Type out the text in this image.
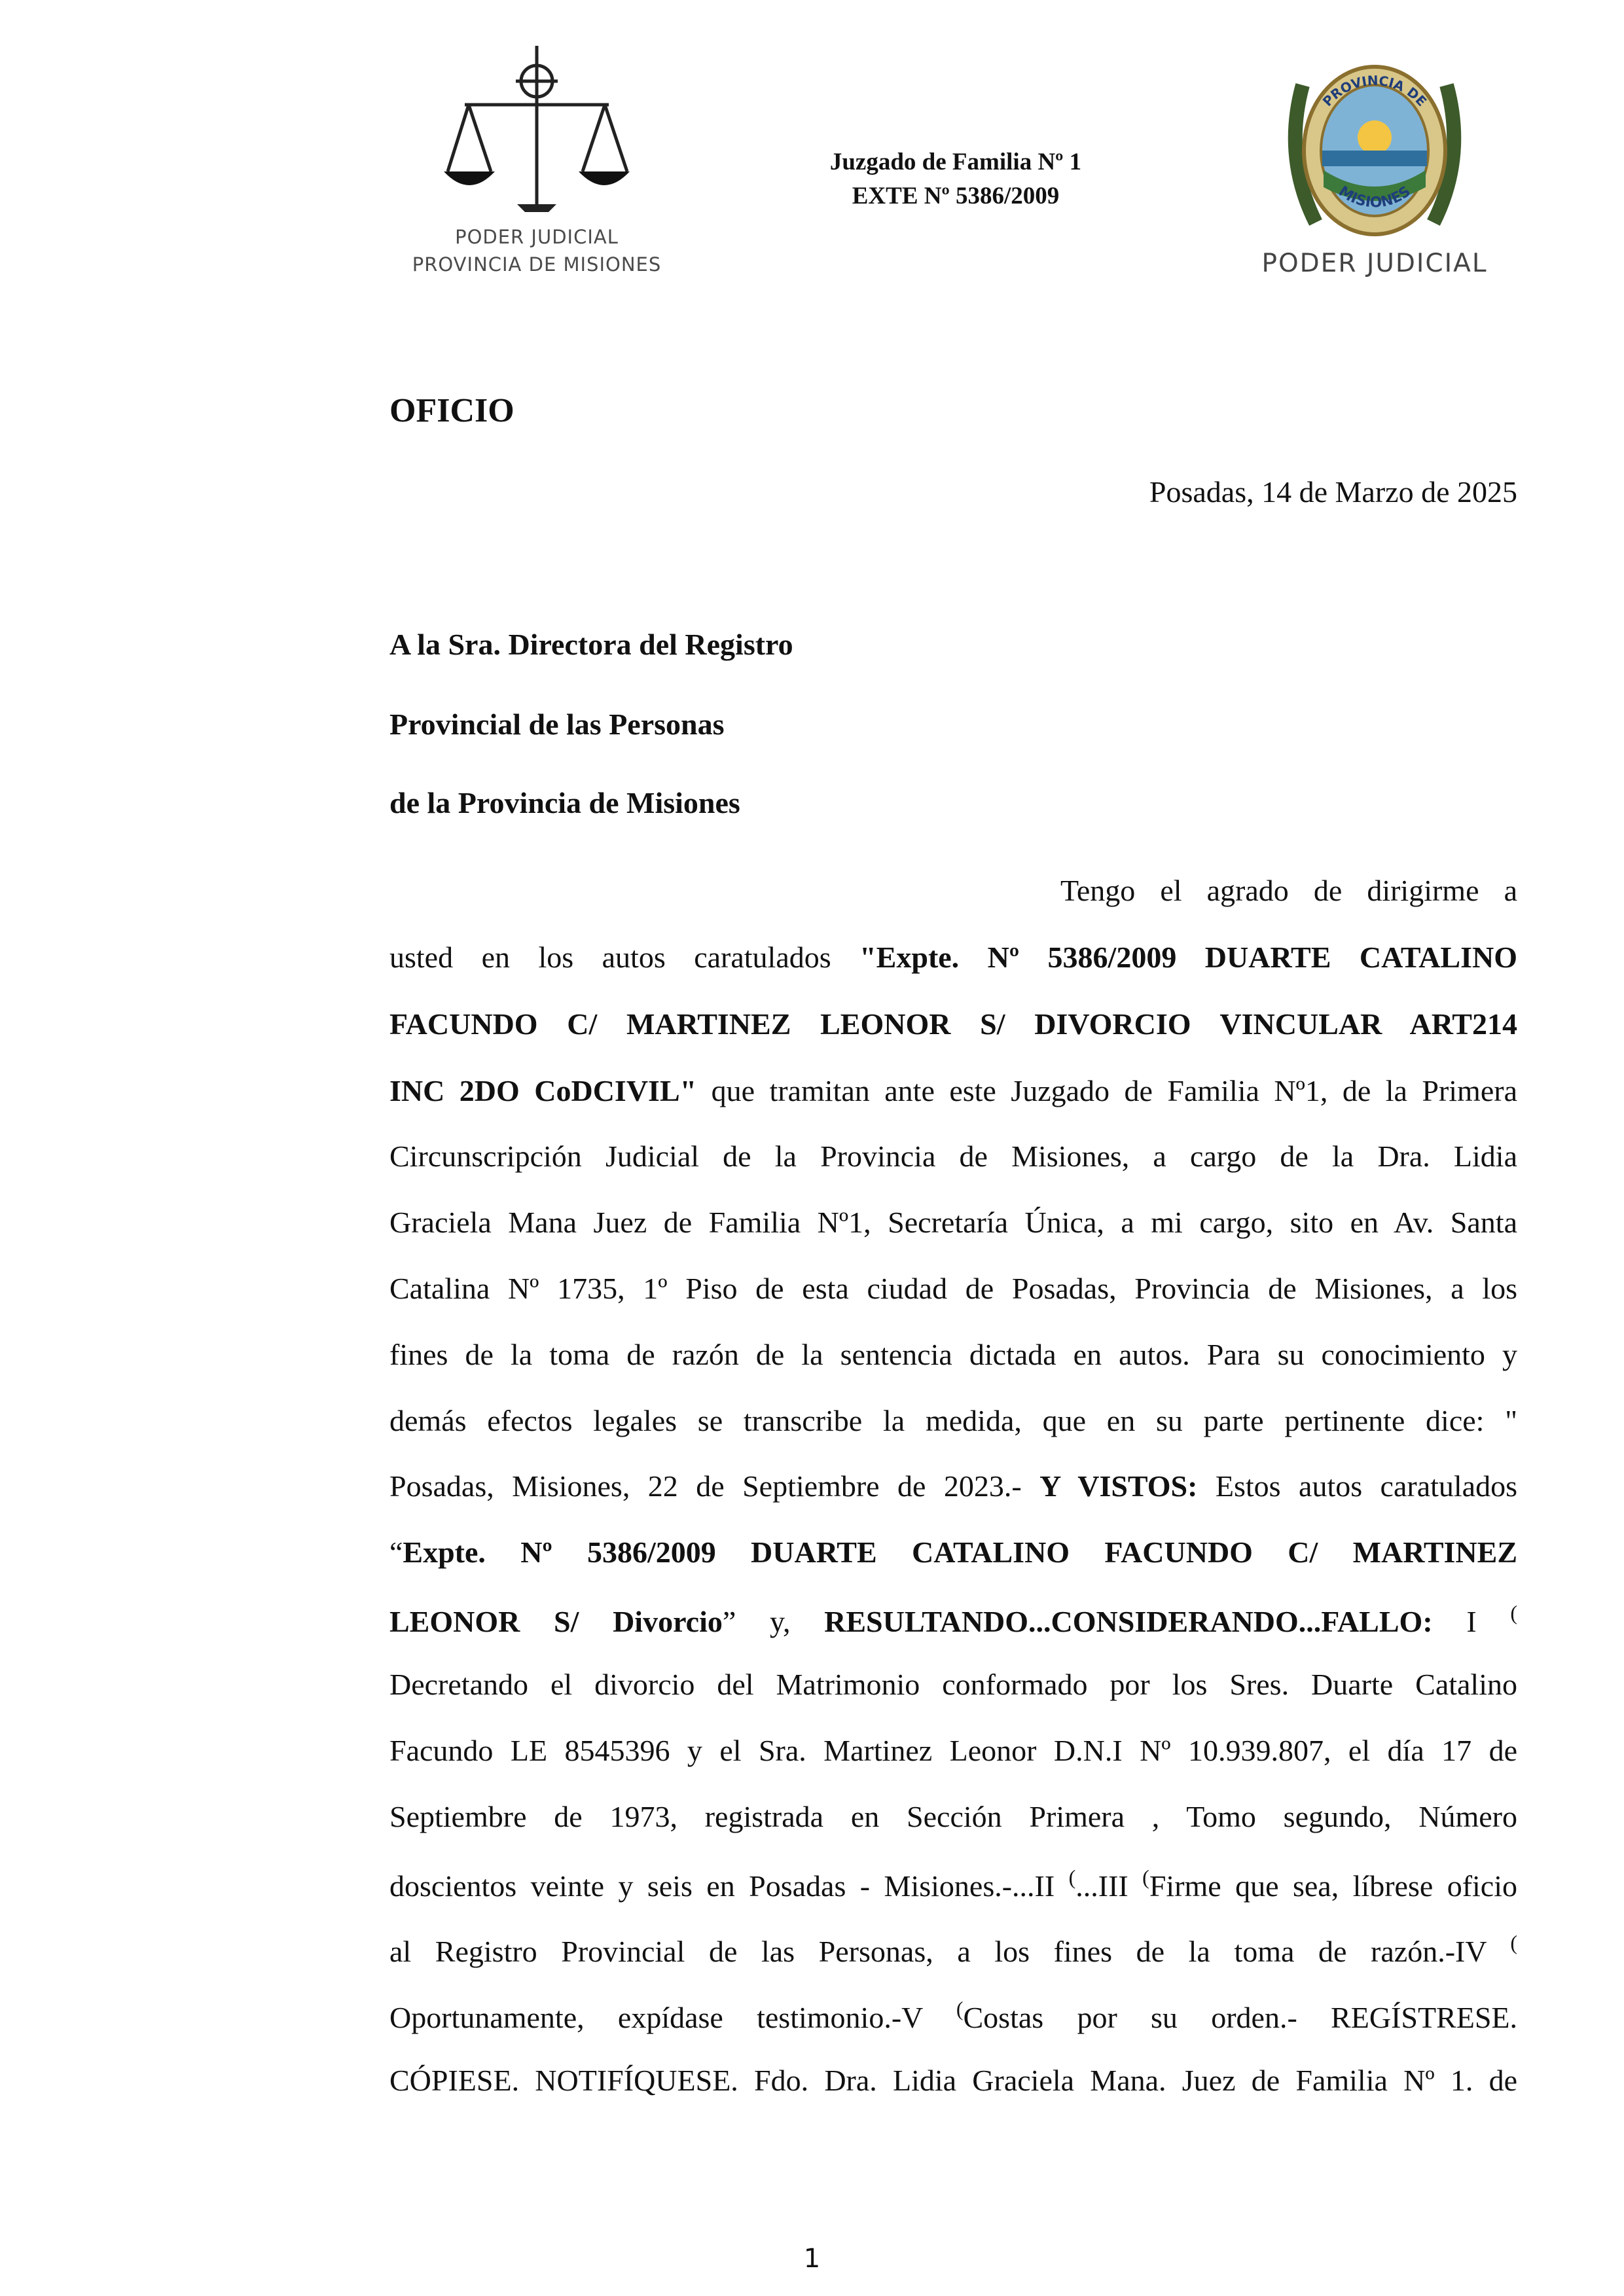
PODER JUDICIAL
PROVINCIA DE MISIONES
Juzgado de Familia Nº 1
EXTE Nº 5386/2009
PROVINCIA DE
MISIONES
PODER JUDICIAL
OFICIO
Posadas, 14 de Marzo de 2025
A la Sra. Directora del Registro
Provincial de las Personas
de la Provincia de Misiones
Tengo el agrado de dirigirme a
usted en los autos caratulados "Expte. Nº 5386/2009 DUARTE CATALINO
FACUNDO C/ MARTINEZ LEONOR S/ DIVORCIO VINCULAR ART214
INC 2DO CoDCIVIL" que tramitan ante este Juzgado de Familia Nº1, de la Primera
Circunscripción Judicial de la Provincia de Misiones, a cargo de la Dra. Lidia
Graciela Mana Juez de Familia Nº1, Secretaría Única, a mi cargo, sito en Av. Santa
Catalina Nº 1735, 1º Piso de esta ciudad de Posadas, Provincia de Misiones, a los
fines de la toma de razón de la sentencia dictada en autos. Para su conocimiento y
demás efectos legales se transcribe la medida, que en su parte pertinente dice: "
Posadas, Misiones, 22 de Septiembre de 2023.- Y VISTOS: Estos autos caratulados
“Expte. Nº 5386/2009 DUARTE CATALINO FACUNDO C/ MARTINEZ
LEONOR S/ Divorcio” y, RESULTANDO...CONSIDERANDO...FALLO: I (
Decretando el divorcio del Matrimonio conformado por los Sres. Duarte Catalino
Facundo LE 8545396 y el Sra. Martinez Leonor D.N.I Nº 10.939.807, el día 17 de
Septiembre de 1973, registrada en Sección Primera , Tomo segundo, Número
doscientos veinte y seis en Posadas - Misiones.-...II (...III (Firme que sea, líbrese oficio
al Registro Provincial de las Personas, a los fines de la toma de razón.-IV (
Oportunamente, expídase testimonio.-V (Costas por su orden.- REGÍSTRESE.
CÓPIESE. NOTIFÍQUESE. Fdo. Dra. Lidia Graciela Mana. Juez de Familia Nº 1. de
1
